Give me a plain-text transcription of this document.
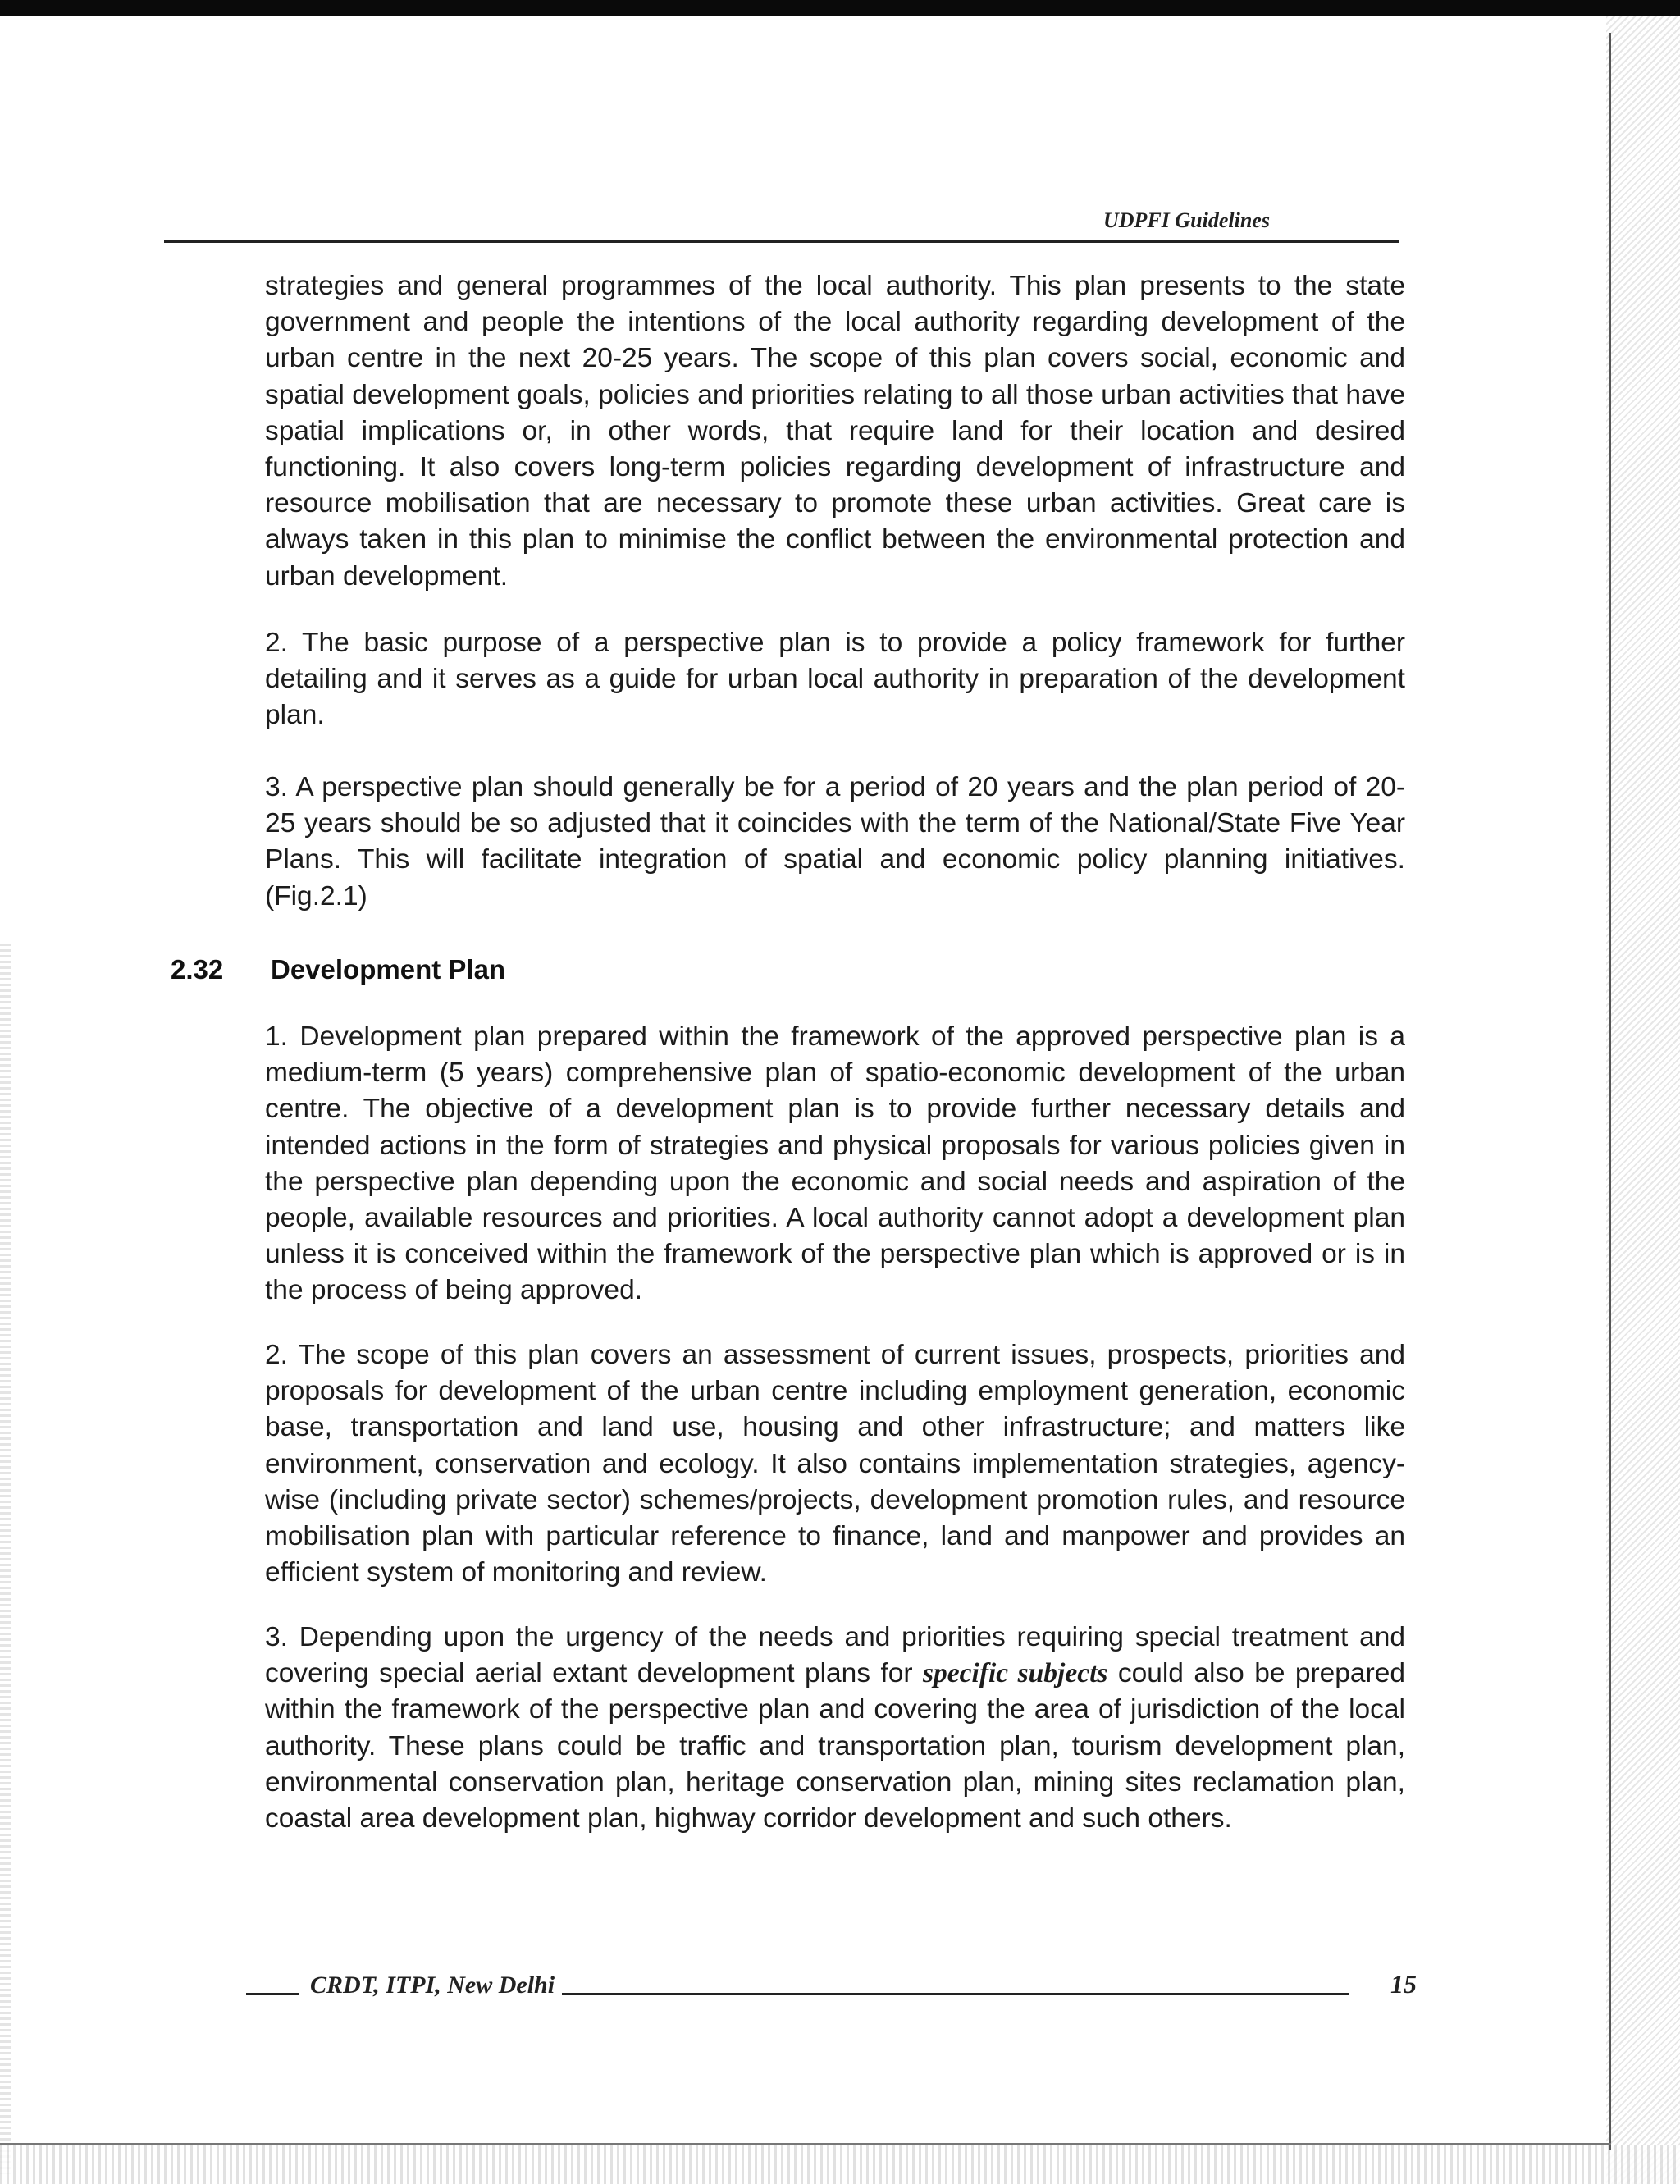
UDPFI Guidelines

strategies and general programmes of the local authority. This plan presents to the state government and people the intentions of the local authority regarding development of the urban centre in the next 20-25 years. The scope of this plan covers social, economic and spatial development goals, policies and priorities relating to all those urban activities that have spatial implications or, in other words, that require land for their location and desired functioning. It also covers long-term policies regarding development of infrastructure and resource mobilisation that are necessary to promote these urban activities. Great care is always taken in this plan to minimise the conflict between the environmental protection and urban development.

2. The basic purpose of a perspective plan is to provide a policy framework for further detailing and it serves as a guide for urban local authority in preparation of the development plan.

3. A perspective plan should generally be for a period of 20 years and the plan period of 20-25 years should be so adjusted that it coincides with the term of the National/State Five Year Plans. This will facilitate integration of spatial and economic policy planning initiatives. (Fig.2.1)

2.32 Development Plan

1. Development plan prepared within the framework of the approved perspective plan is a medium-term (5 years) comprehensive plan of spatio-economic development of the urban centre. The objective of a development plan is to provide further necessary details and intended actions in the form of strategies and physical proposals for various policies given in the perspective plan depending upon the economic and social needs and aspiration of the people, available resources and priorities. A local authority cannot adopt a development plan unless it is conceived within the framework of the perspective plan which is approved or is in the process of being approved.

2. The scope of this plan covers an assessment of current issues, prospects, priorities and proposals for development of the urban centre including employment generation, economic base, transportation and land use, housing and other infrastructure; and matters like environment, conservation and ecology. It also contains implementation strategies, agency-wise (including private sector) schemes/projects, development promotion rules, and resource mobilisation plan with particular reference to finance, land and manpower and provides an efficient system of monitoring and review.

3. Depending upon the urgency of the needs and priorities requiring special treatment and covering special aerial extant development plans for specific subjects could also be prepared within the framework of the perspective plan and covering the area of jurisdiction of the local authority. These plans could be traffic and transportation plan, tourism development plan, environmental conservation plan, heritage conservation plan, mining sites reclamation plan, coastal area development plan, highway corridor development and such others.

CRDT, ITPI, New Delhi	15
